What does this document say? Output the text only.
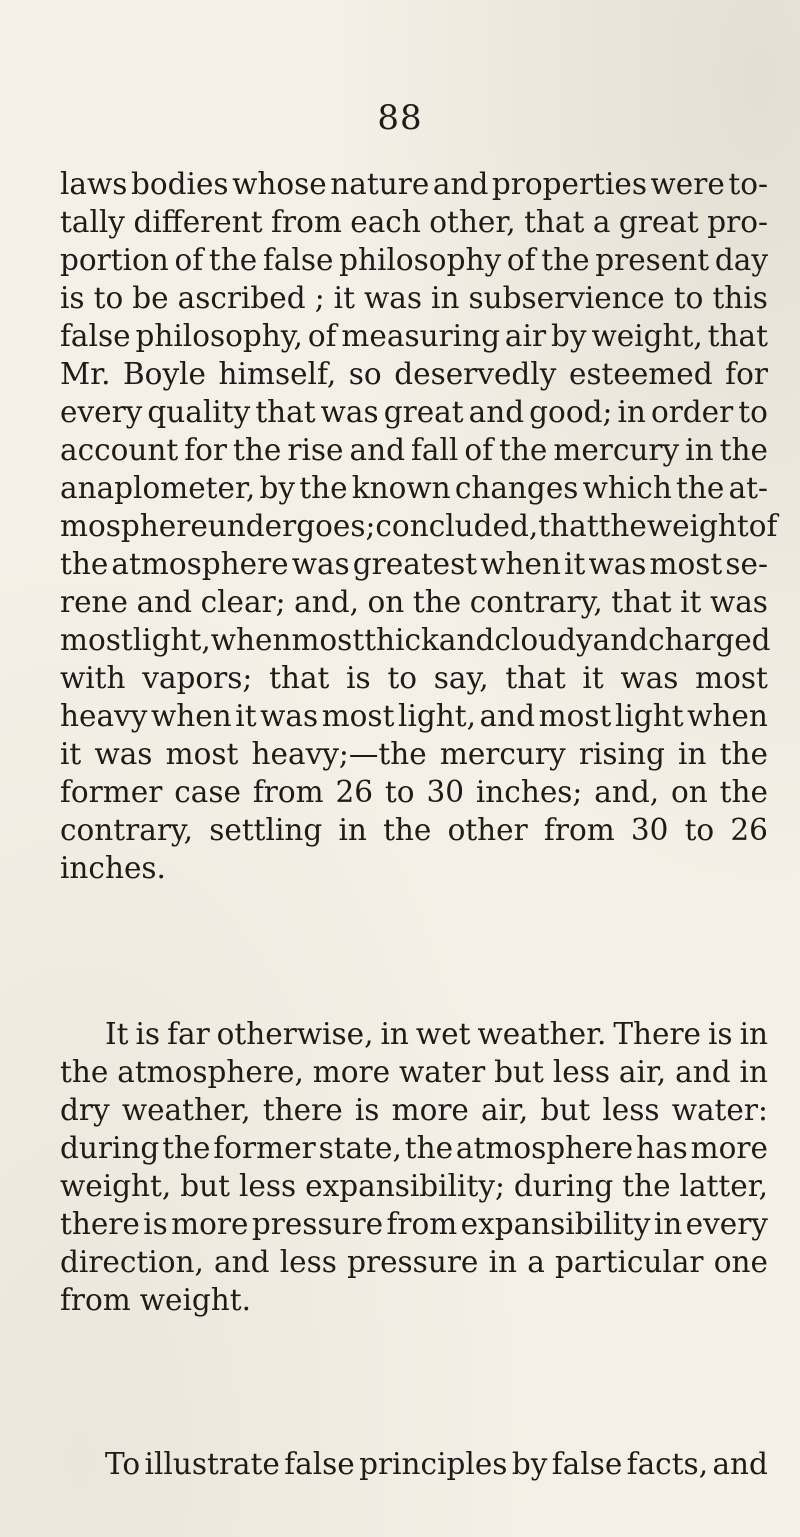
88
laws bodies whose nature and properties were to-
tally different from each other, that a great pro-
portion of the false philosophy of the present day
is to be ascribed ; it was in subservience to this
false philosophy, of measuring air by weight, that
Mr. Boyle himself, so deservedly esteemed for
every quality that was great and good; in order to
account for the rise and fall of the mercury in the
anaplometer, by the known changes which the at-
mosphere undergoes; concluded, that the weight of
the atmosphere was greatest when it was most se-
rene and clear; and, on the contrary, that it was
most light, when most thick and cloudy and charged
with vapors; that is to say, that it was most
heavy when it was most light, and most light when
it was most heavy;—the mercury rising in the
former case from 26 to 30 inches; and, on the
contrary, settling in the other from 30 to 26
inches.
It is far otherwise, in wet weather. There is in
the atmosphere, more water but less air, and in
dry weather, there is more air, but less water:
during the former state, the atmosphere has more
weight, but less expansibility; during the latter,
there is more pressure from expansibility in every
direction, and less pressure in a particular one
from weight.
To illustrate false principles by false facts, and
